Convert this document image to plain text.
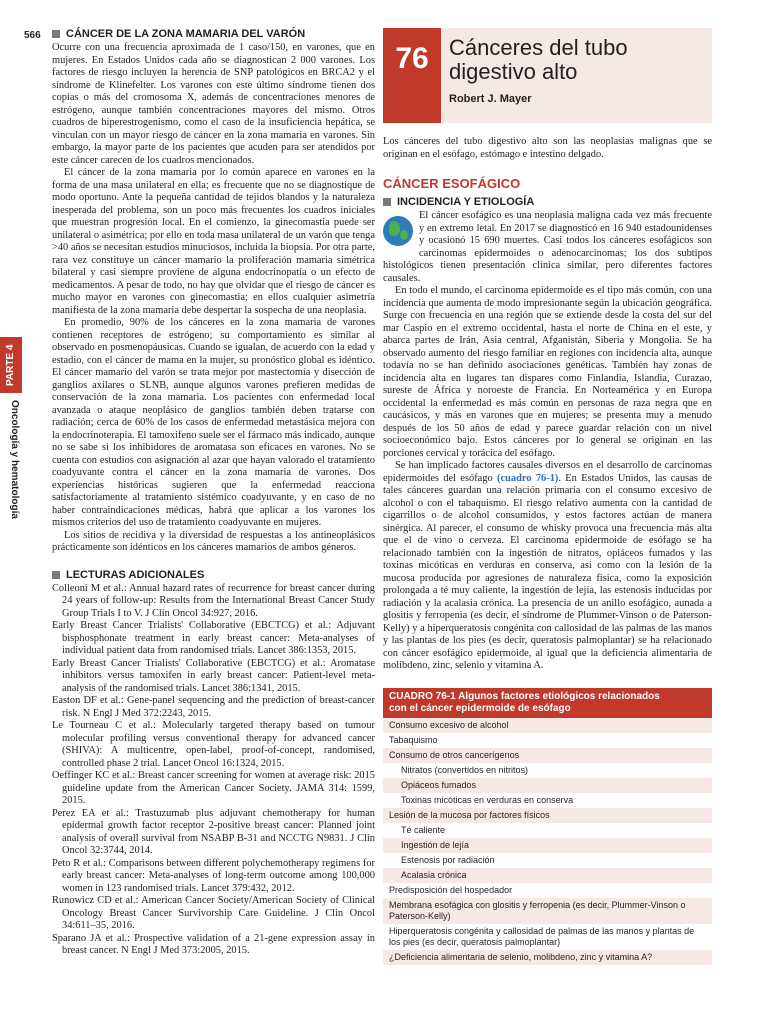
566
PARTE 4
Oncología y hematología
CÁNCER DE LA ZONA MAMARIA DEL VARÓN

Ocurre con una frecuencia aproximada de 1 caso/150, en varones, que en mujeres. En Estados Unidos cada año se diagnostican 2 000 varones. Los factores de riesgo incluyen la herencia de SNP patológicos en BRCA2 y el síndrome de Klinefelter. Los varones con este último síndrome tienen dos copias o más del cromosoma X, además de concentraciones menores de estrógeno, aunque también concentraciones mayores del mismo. Otros cuadros de hiperestrogenismo, como el caso de la insuficiencia hepática, se vinculan con un mayor riesgo de cáncer en la zona mamaria en varones. Sin embargo, la mayor parte de los pacientes que acuden para ser atendidos por este cáncer carecen de los cuadros mencionados.

El cáncer de la zona mamaria por lo común aparece en varones en la forma de una masa unilateral en ella; es frecuente que no se diagnostique de modo oportuno. Ante la pequeña cantidad de tejidos blandos y la naturaleza inesperada del problema, son un poco más frecuentes los cuadros iniciales que muestran progresión local. En el comienzo, la ginecomastia puede ser unilateral o asimétrica; por ello en toda masa unilateral de un varón que tenga >40 años se necesitan estudios minuciosos, incluida la biopsia. Por otra parte, rara vez constituye un cáncer mamario la proliferación mamaria simétrica bilateral y casi siempre proviene de alguna endocrinopatía o un efecto de medicamentos. A pesar de todo, no hay que olvidar que el riesgo de cáncer es mucho mayor en varones con ginecomastia; en ellos cualquier asimetría manifiesta de la zona mamaria debe despertar la sospecha de una neoplasia.

En promedio, 90% de los cánceres en la zona mamaria de varones contienen receptores de estrógeno; su comportamiento es similar al observado en posmenopáusicas. Cuando se igualan, de acuerdo con la edad y estadio, con el cáncer de mama en la mujer, su pronóstico global es idéntico. El cáncer mamario del varón se trata mejor por mastectomía y disección de ganglios axilares o SLNB, aunque algunos varones prefieren medidas de conservación de la zona mamaria. Los pacientes con enfermedad local avanzada o ataque neoplásico de ganglios también deben tratarse con radiación; cerca de 60% de los casos de enfermedad metastásica mejora con la endocrinoterapia. El tamoxifeno suele ser el fármaco más indicado, aunque no se sabe si los inhibidores de aromatasa son eficaces en varones. No se cuenta con estudios con asignación al azar que hayan valorado el tratamiento coadyuvante contra el cáncer en la zona mamaria de varones. Dos experiencias históricas sugieren que la enfermedad reacciona satisfactoriamente al tratamiento sistémico coadyuvante, y en caso de no haber contraindicaciones médicas, habrá que aplicar a los varones los mismos criterios del uso de tratamiento coadyuvante en mujeres.

Los sitios de recidiva y la diversidad de respuestas a los antineoplásicos prácticamente son idénticos en los cánceres mamarios de ambos géneros.

LECTURAS ADICIONALES

Colleoni M et al.: Annual hazard rates of recurrence for breast cancer during 24 years of follow-up: Results from the International Breast Cancer Study Group Trials I to V. J Clin Oncol 34:927, 2016.

Early Breast Cancer Trialists' Collaborative (EBCTCG) et al.: Adjuvant bisphosphonate treatment in early breast cancer: Meta-analyses of individual patient data from randomised trials. Lancet 386:1353, 2015.

Early Breast Cancer Trialists' Collaborative (EBCTCG) et al.: Aromatase inhibitors versus tamoxifen in early breast cancer: Patient-level meta-analysis of the randomised trials. Lancet 386:1341, 2015.

Easton DF et al.: Gene-panel sequencing and the prediction of breast-cancer risk. N Engl J Med 372:2243, 2015.

Le Tourneau C et al.: Molecularly targeted therapy based on tumour molecular profiling versus conventional therapy for advanced cancer (SHIVA): A multicentre, open-label, proof-of-concept, randomised, controlled phase 2 trial. Lancet Oncol 16:1324, 2015.

Oeffinger KC et al.: Breast cancer screening for women at average risk: 2015 guideline update from the American Cancer Society. JAMA 314: 1599, 2015.

Perez EA et al.: Trastuzumab plus adjuvant chemotherapy for human epidermal growth factor receptor 2-positive breast cancer: Planned joint analysis of overall survival from NSABP B-31 and NCCTG N9831. J Clin Oncol 32:3744, 2014.

Peto R et al.: Comparisons between different polychemotherapy regimens for early breast cancer: Meta-analyses of long-term outcome among 100,000 women in 123 randomised trials. Lancet 379:432, 2012.

Runowicz CD et al.: American Cancer Society/American Society of Clinical Oncology Breast Cancer Survivorship Care Guideline. J Clin Oncol 34:611–35, 2016.

Sparano JA et al.: Prospective validation of a 21-gene expression assay in breast cancer. N Engl J Med 373:2005, 2015.

76 Cánceres del tubo
digestivo alto
Robert J. Mayer
Los cánceres del tubo digestivo alto son las neoplasias malignas que se originan en el esófago, estómago e intestino delgado.
CÁNCER ESOFÁGICO
INCIDENCIA Y ETIOLOGÍA

El cáncer esofágico es una neoplasia maligna cada vez más frecuente y en extremo letal. En 2017 se diagnosticó en 16 940 estadounidenses y ocasionó 15 690 muertes. Casi todos los cánceres esofágicos son carcinomas epidermoides o adenocarcinomas; los dos subtipos histológicos tienen presentación clínica similar, pero diferentes factores causales.

En todo el mundo, el carcinoma epidermoide es el tipo más común, con una incidencia que aumenta de modo impresionante según la ubicación geográfica. Surge con frecuencia en una región que se extiende desde la costa del sur del mar Caspio en el extremo occidental, hasta el norte de China en el este, y abarca partes de Irán, Asia central, Afganistán, Siberia y Mongolia. Se ha observado aumento del riesgo familiar en regiones con incidencia alta, aunque todavía no se han definido asociaciones genéticas. También hay zonas de incidencia alta en lugares tan dispares como Finlandia, Islandia, Curazao, sureste de África y noroeste de Francia. En Norteamérica y en Europa occidental la enfermedad es más común en personas de raza negra que en caucásicos, y más en varones que en mujeres; se presenta muy a menudo después de los 50 años de edad y parece guardar relación con un nivel socioeconómico bajo. Estos cánceres por lo general se originan en las porciones cervical y torácica del esófago.

Se han implicado factores causales diversos en el desarrollo de carcinomas epidermoides del esófago (cuadro 76-1). En Estados Unidos, las causas de tales cánceres guardan una relación primaria con el consumo excesivo de alcohol o con el tabaquismo. El riesgo relativo aumenta con la cantidad de cigarrillos o de alcohol consumidos, y estos factores actúan de manera sinérgica. Al parecer, el consumo de whisky provoca una frecuencia más alta que el de vino o cerveza. El carcinoma epidermoide de esófago se ha relacionado también con la ingestión de nitratos, opiáceos fumados y las toxinas micóticas en verduras en conserva, así como con la lesión de la mucosa producida por agresiones de naturaleza física, como la exposición prolongada a té muy caliente, la ingestión de lejía, las estenosis inducidas por radiación y la acalasia crónica. La presencia de un anillo esofágico, aunada a glositis y ferropenia (es decir, el síndrome de Plummer-Vinson o de Paterson-Kelly) y a hiperqueratosis congénita con callosidad de las palmas de las manos y las plantas de los pies (es decir, queratosis palmoplantar) se ha relacionado con cáncer esofágico epidermoide, al igual que la deficiencia alimentaria de molibdeno, zinc, selenio y vitamina A.

CUADRO 76-1 Algunos factores etiológicos relacionados
con el cáncer epidermoide de esófago
Consumo excesivo de alcohol
Tabaquismo
Consumo de otros cancerígenos
Nitratos (convertidos en nitritos)
Opiáceos fumados
Toxinas micóticas en verduras en conserva
Lesión de la mucosa por factores físicos
Té caliente
Ingestión de lejía
Estenosis por radiación
Acalasia crónica
Predisposición del hospedador
Membrana esofágica con glositis y ferropenia (es decir, Plummer-Vinson o Paterson-Kelly)
Hiperqueratosis congénita y callosidad de palmas de las manos y plantas de los pies (es decir, queratosis palmoplantar)
¿Deficiencia alimentaria de selenio, molibdeno, zinc y vitamina A?
